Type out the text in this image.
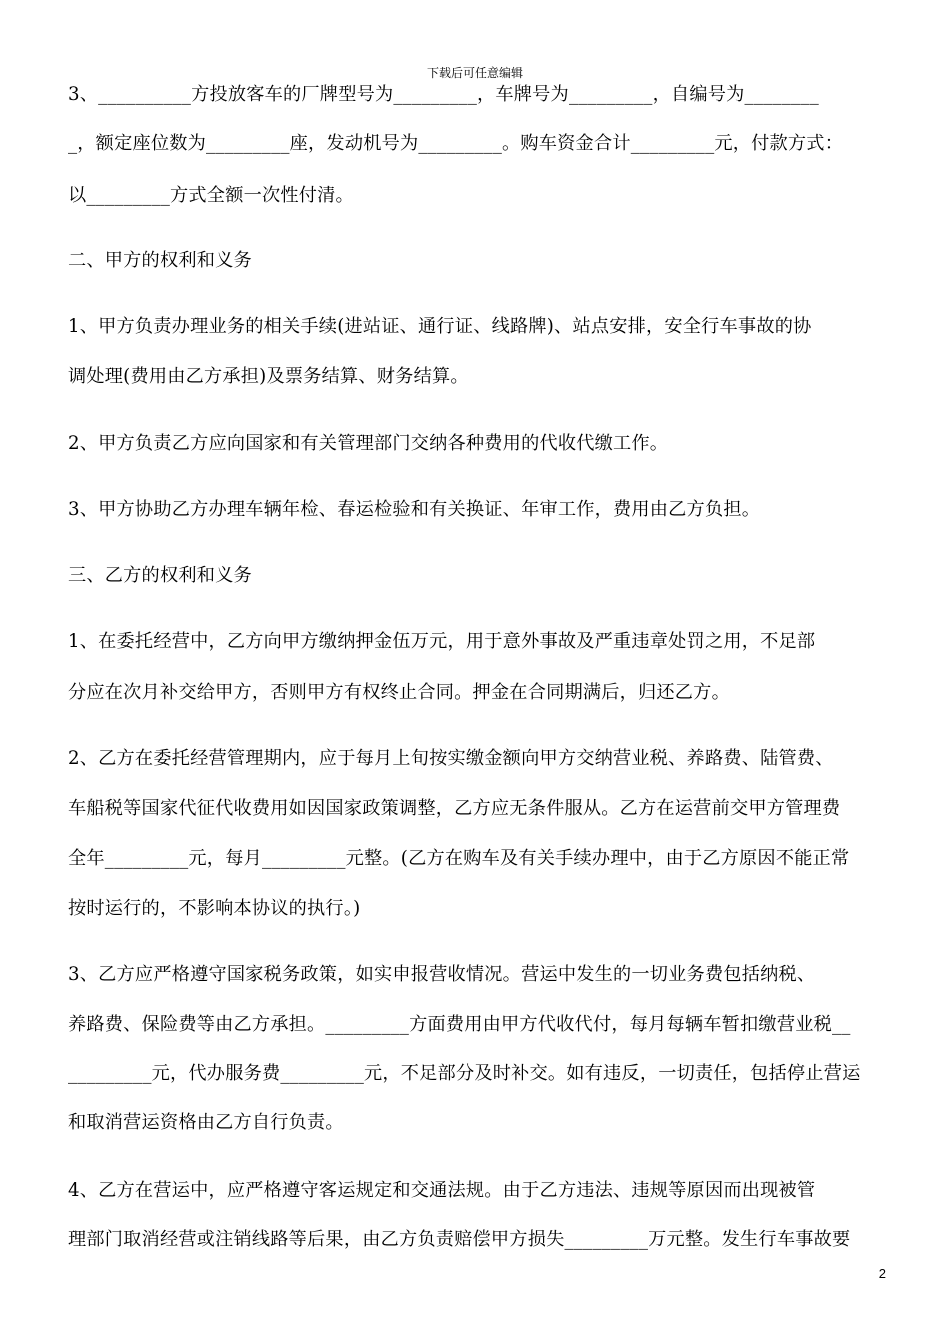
下载后可任意编辑
3、__________方投放客车的厂牌型号为_________，车牌号为_________，自编号为________
_，额定座位数为_________座，发动机号为_________。购车资金合计_________元，付款方式：
以_________方式全额一次性付清。
二、甲方的权利和义务
1、甲方负责办理业务的相关手续(进站证、通行证、线路牌)、站点安排，安全行车事故的协
调处理(费用由乙方承担)及票务结算、财务结算。
2、甲方负责乙方应向国家和有关管理部门交纳各种费用的代收代缴工作。
3、甲方协助乙方办理车辆年检、春运检验和有关换证、年审工作，费用由乙方负担。
三、乙方的权利和义务
1、在委托经营中，乙方向甲方缴纳押金伍万元，用于意外事故及严重违章处罚之用，不足部
分应在次月补交给甲方，否则甲方有权终止合同。押金在合同期满后，归还乙方。
2、乙方在委托经营管理期内，应于每月上旬按实缴金额向甲方交纳营业税、养路费、陆管费、
车船税等国家代征代收费用如因国家政策调整，乙方应无条件服从。乙方在运营前交甲方管理费
全年_________元，每月_________元整。(乙方在购车及有关手续办理中，由于乙方原因不能正常
按时运行的，不影响本协议的执行。)
3、乙方应严格遵守国家税务政策，如实申报营收情况。营运中发生的一切业务费包括纳税、
养路费、保险费等由乙方承担。_________方面费用由甲方代收代付，每月每辆车暂扣缴营业税__
_________元，代办服务费_________元，不足部分及时补交。如有违反，一切责任，包括停止营运
和取消营运资格由乙方自行负责。
4、乙方在营运中，应严格遵守客运规定和交通法规。由于乙方违法、违规等原因而出现被管
理部门取消经营或注销线路等后果，由乙方负责赔偿甲方损失_________万元整。发生行车事故要
2
